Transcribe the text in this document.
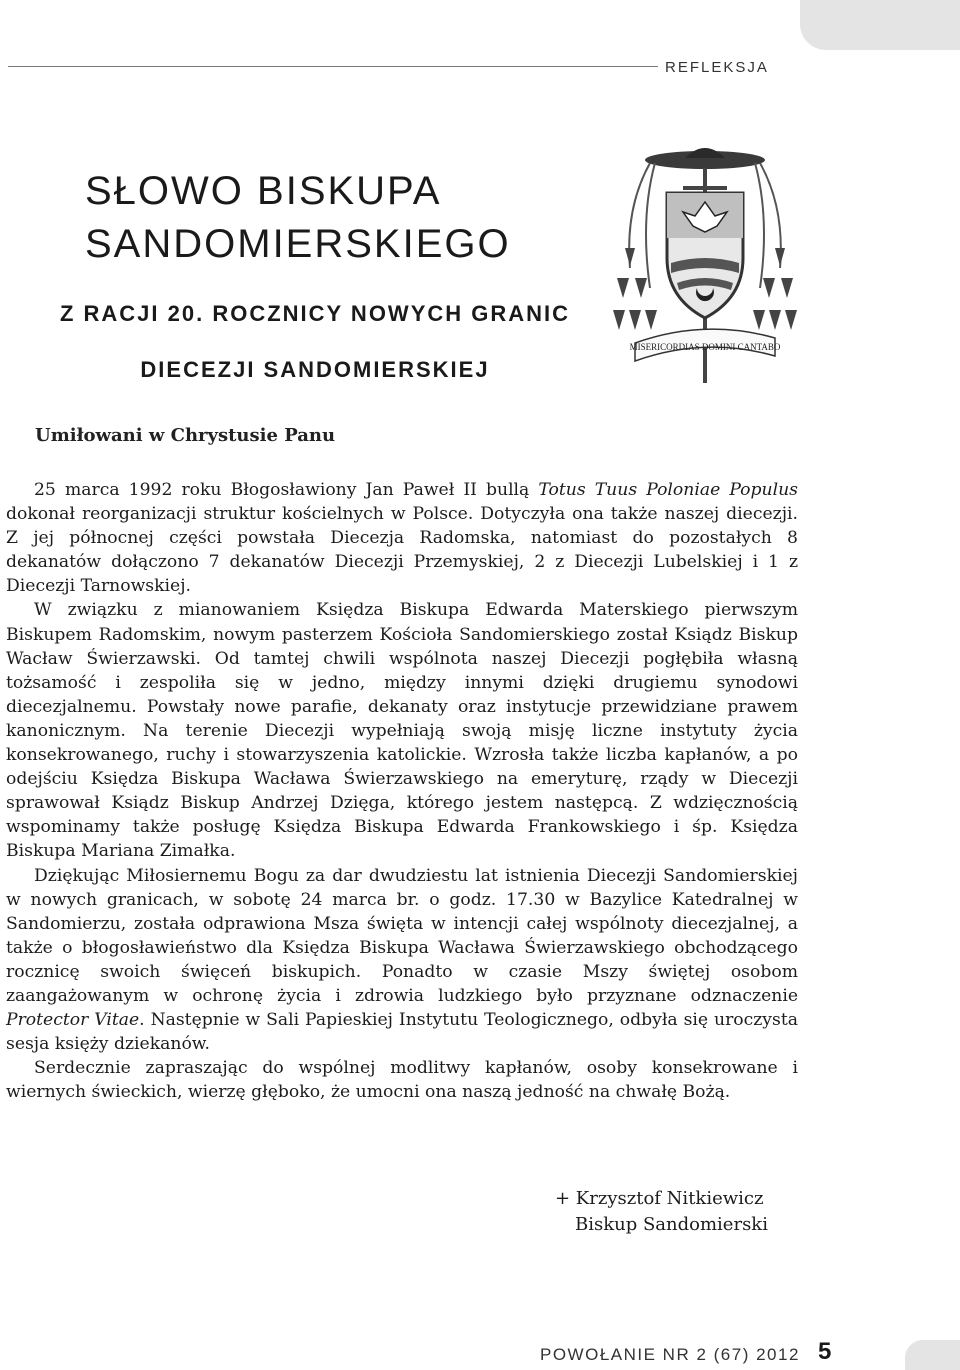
refleksja
SŁOWO BISKUPA
SANDOMIERSKIEGO
Z RACJI 20. ROCZNICY NOWYCH GRANIC
DIECEZJI SANDOMIERSKIEJ
MISERICORDIAS DOMINI CANTABO
Umiłowani w Chrystusie Panu

25 marca 1992 roku Błogosławiony Jan Paweł II bullą Totus Tuus Poloniae Populus dokonał reorganizacji struktur kościelnych w Polsce. Dotyczyła ona także naszej diecezji. Z jej północnej części powstała Diecezja Radomska, natomiast do pozostałych 8 dekanatów dołączono 7 dekanatów Diecezji Przemyskiej, 2 z Diecezji Lubelskiej i 1 z Diecezji Tarnowskiej.

W związku z mianowaniem Księdza Biskupa Edwarda Materskiego pierwszym Biskupem Radomskim, nowym pasterzem Kościoła Sandomierskiego został Ksiądz Biskup Wacław Świerzawski. Od tamtej chwili wspólnota naszej Diecezji pogłębiła własną tożsamość i zespoliła się w jedno, między innymi dzięki drugiemu synodowi diecezjalnemu. Powstały nowe parafie, dekanaty oraz instytucje przewidziane prawem kanonicznym. Na terenie Diecezji wypełniają swoją misję liczne instytuty życia konsekrowanego, ruchy i stowarzyszenia katolickie. Wzrosła także liczba kapłanów, a po odejściu Księdza Biskupa Wacława Świerzawskiego na emeryturę, rządy w Diecezji sprawował Ksiądz Biskup Andrzej Dzięga, którego jestem następcą. Z wdzięcznością wspominamy także posługę Księdza Biskupa Edwarda Frankowskiego i śp. Księdza Biskupa Mariana Zimałka.

Dziękując Miłosiernemu Bogu za dar dwudziestu lat istnienia Diecezji Sandomierskiej w nowych granicach, w sobotę 24 marca br. o godz. 17.30 w Bazylice Katedralnej w Sandomierzu, została odprawiona Msza święta w intencji całej wspólnoty diecezjalnej, a także o błogosławieństwo dla Księdza Biskupa Wacława Świerzawskiego obchodzącego rocznicę swoich święceń biskupich. Ponadto w czasie Mszy świętej osobom zaangażowanym w ochronę życia i zdrowia ludzkiego było przyznane odznaczenie Protector Vitae. Następnie w Sali Papieskiej Instytutu Teologicznego, odbyła się uroczysta sesja księży dziekanów.

Serdecznie zapraszając do wspólnej modlitwy kapłanów, osoby konsekrowane i wiernych świeckich, wierzę głęboko, że umocni ona naszą jedność na chwałę Bożą.

+ Krzysztof Nitkiewicz
Biskup Sandomierski
POWOŁANIE NR 2 (67) 2012 5
